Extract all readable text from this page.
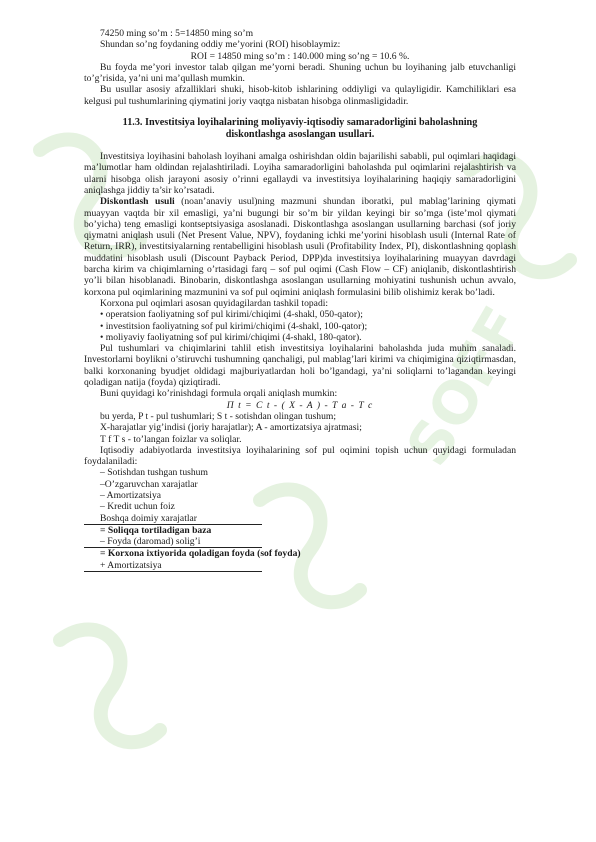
SOFF

74250 ming so’m : 5=14850 ming so’m

Shundan so’ng foydaning oddiy me’yorini (ROI) hisoblaymiz:

ROI = 14850 ming so’m : 140.000 ming so’ng = 10.6 %.

Bu foyda me’yori investor talab qilgan me’yorni beradi. Shuning uchun bu loyihaning jalb etuvchanligi to’g’risida, ya’ni uni ma’qullash mumkin.

Bu usullar asosiy afzalliklari shuki, hisob-kitob ishlarining oddiyligi va qulayligidir. Kamchiliklari esa kelgusi pul tushumlarining qiymatini joriy vaqtga nisbatan hisobga olinmasligidadir.

11.3. Investitsiya loyihalarining moliyaviy-iqtisodiy samaradorligini baholashning diskontlashga asoslangan usullari.

Investitsiya loyihasini baholash loyihani amalga oshirishdan oldin bajarilishi sababli, pul oqimlari haqidagi ma’lumotlar ham oldindan rejalashtiriladi. Loyiha samaradorligini baholashda pul oqimlarini rejalashtirish va ularni hisobga olish jarayoni asosiy o’rinni egallaydi va investitsiya loyihalarining haqiqiy samaradorligini aniqlashga jiddiy ta’sir ko’rsatadi.

Diskontlash usuli (noan’anaviy usul)ning mazmuni shundan iboratki, pul mablag’larining qiymati muayyan vaqtda bir xil emasligi, ya’ni bugungi bir so’m bir yildan keyingi bir so’mga (iste’mol qiymati bo’yicha) teng emasligi kontseptsiyasiga asoslanadi. Diskontlashga asoslangan usullarning barchasi (sof joriy qiymatni aniqlash usuli (Net Present Value, NPV), foydaning ichki me’yorini hisoblash usuli (Internal Rate of Return, IRR), investitsiyalarning rentabelligini hisoblash usuli (Profitability Index, PI), diskontlashning qoplash muddatini hisoblash usuli (Discount Payback Period, DPP)da investitsiya loyihalarining muayyan davrdagi barcha kirim va chiqimlarning o’rtasidagi farq – sof pul oqimi (Cash Flow – CF) aniqlanib, diskontlashtirish yo’li bilan hisoblanadi. Binobarin, diskontlashga asoslangan usullarning mohiyatini tushunish uchun avvalo, korxona pul oqimlarining mazmunini va sof pul oqimini aniqlash formulasini bilib olishimiz kerak bo’ladi.

Korxona pul oqimlari asosan quyidagilardan tashkil topadi:

• operatsion faoliyatning sof pul kirimi/chiqimi (4-shakl, 050-qator);

• investitsion faoliyatning sof pul kirimi/chiqimi (4-shakl, 100-qator);

• moliyaviy faoliyatning sof pul kirimi/chiqimi (4-shakl, 180-qator).

Pul tushumlari va chiqimlarini tahlil etish investitsiya loyihalarini baholashda juda muhim sanaladi. Investorlarni boylikni o’stiruvchi tushumning qanchaligi, pul mablag’lari kirimi va chiqimigina qiziqtirmasdan, balki korxonaning byudjet oldidagi majburiyatlardan holi bo’lgandagi, ya’ni soliqlarni to’lagandan keyingi qoladigan natija (foyda) qiziqtiradi.

Buni quyidagi ko’rinishdagi formula orqali aniqlash mumkin:

Π t = C t - ( X - A ) - T a - T c

bu yerda, P t - pul tushumlari; S t - sotishdan olingan tushum;

X-harajatlar yig’indisi (joriy harajatlar); A - amortizatsiya ajratmasi;

T f T s - to’langan foizlar va soliqlar.

Iqtisodiy adabiyotlarda investitsiya loyihalarining sof pul oqimini topish uchun quyidagi formuladan foydalaniladi:

– Sotishdan tushgan tushum

–O’zgaruvchan xarajatlar

– Amortizatsiya

– Kredit uchun foiz

Boshqa doimiy xarajatlar

= Soliqqa tortiladigan baza

– Foyda (daromad) solig’i

= Korxona ixtiyorida qoladigan foyda (sof foyda)

+ Amortizatsiya
